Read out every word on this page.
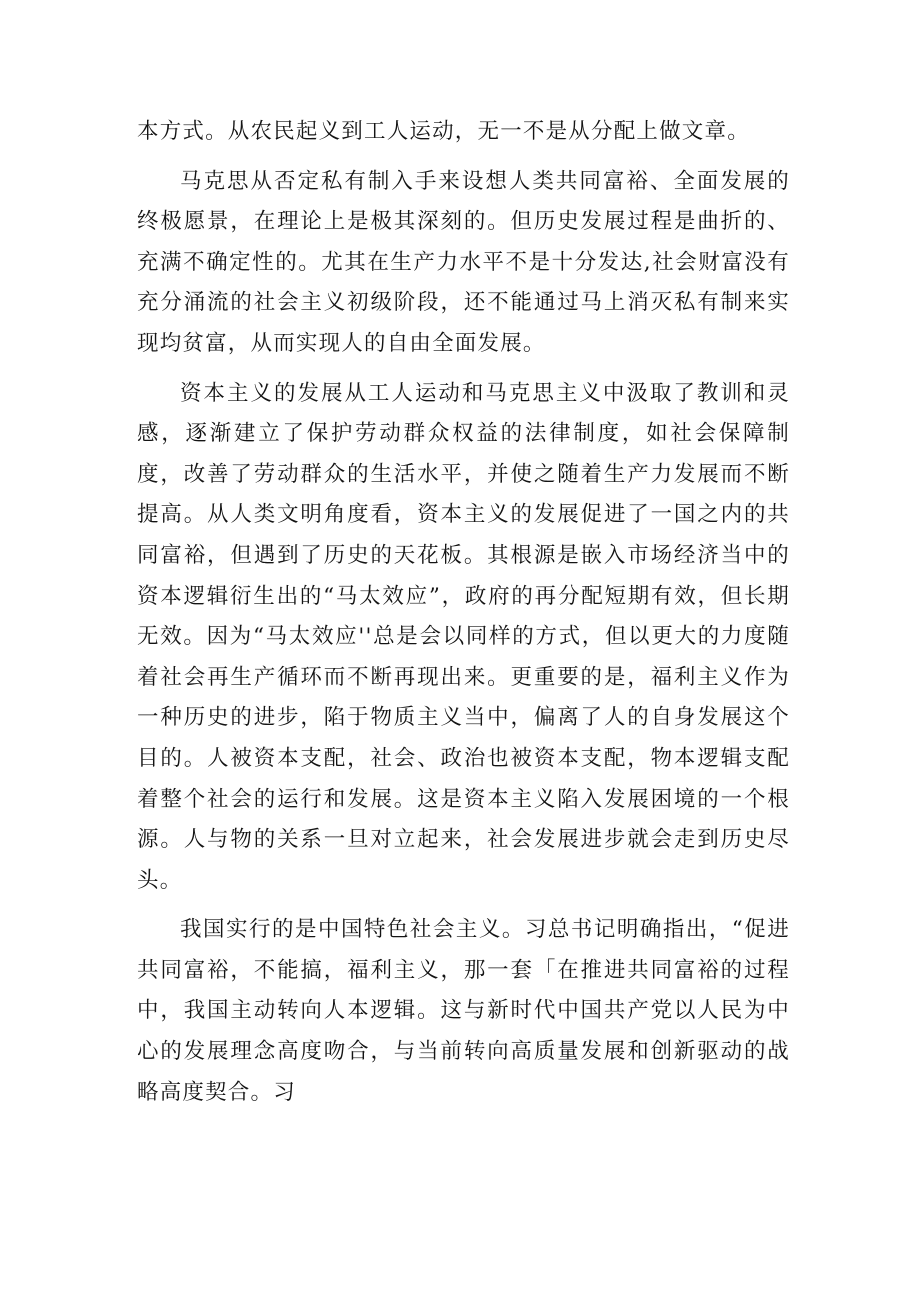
本方式。从农民起义到工人运动，无一不是从分配上做文章。

马克思从否定私有制入手来设想人类共同富裕、全面发展的终极愿景，在理论上是极其深刻的。但历史发展过程是曲折的、充满不确定性的。尤其在生产力水平不是十分发达,社会财富没有充分涌流的社会主义初级阶段，还不能通过马上消灭私有制来实现均贫富，从而实现人的自由全面发展。

资本主义的发展从工人运动和马克思主义中汲取了教训和灵感，逐渐建立了保护劳动群众权益的法律制度，如社会保障制度，改善了劳动群众的生活水平，并使之随着生产力发展而不断提高。从人类文明角度看，资本主义的发展促进了一国之内的共同富裕，但遇到了历史的天花板。其根源是嵌入市场经济当中的资本逻辑衍生出的“马太效应”，政府的再分配短期有效，但长期无效。因为“马太效应''总是会以同样的方式，但以更大的力度随着社会再生产循环而不断再现出来。更重要的是，福利主义作为一种历史的进步，陷于物质主义当中，偏离了人的自身发展这个目的。人被资本支配，社会、政治也被资本支配，物本逻辑支配着整个社会的运行和发展。这是资本主义陷入发展困境的一个根源。人与物的关系一旦对立起来，社会发展进步就会走到历史尽头。

我国实行的是中国特色社会主义。习总书记明确指出，“促进共同富裕，不能搞，福利主义，那一套「在推进共同富裕的过程中，我国主动转向人本逻辑。这与新时代中国共产党以人民为中心的发展理念高度吻合，与当前转向高质量发展和创新驱动的战略高度契合。习
